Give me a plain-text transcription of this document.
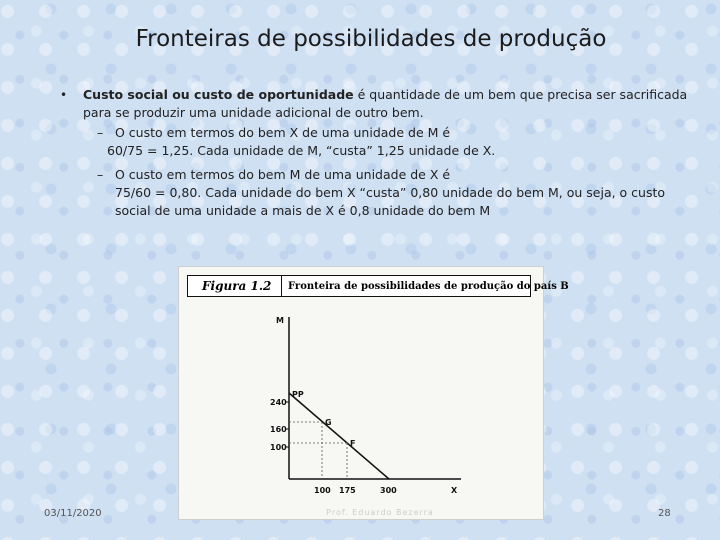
Fronteiras de possibilidades de produção
• Custo social ou custo de oportunidade é quantidade de um bem que precisa ser sacrificada
para se produzir uma unidade adicional de outro bem.
– O custo em termos do bem X de uma unidade de M é
60/75 = 1,25. Cada unidade de M, “custa” 1,25 unidade de X.
– O custo em termos do bem M de uma unidade de X é
75/60 = 0,80. Cada unidade do bem X “custa” 0,80 unidade do bem M, ou seja, o custo
social de uma unidade a mais de X é 0,8 unidade do bem M
M
X
PP
G
F
240
160
100
100 175	300
Figura 1.2	Fronteira de possibilidades de produção do país B
03/11/2020	Prof. Eduardo Bezerra	28
